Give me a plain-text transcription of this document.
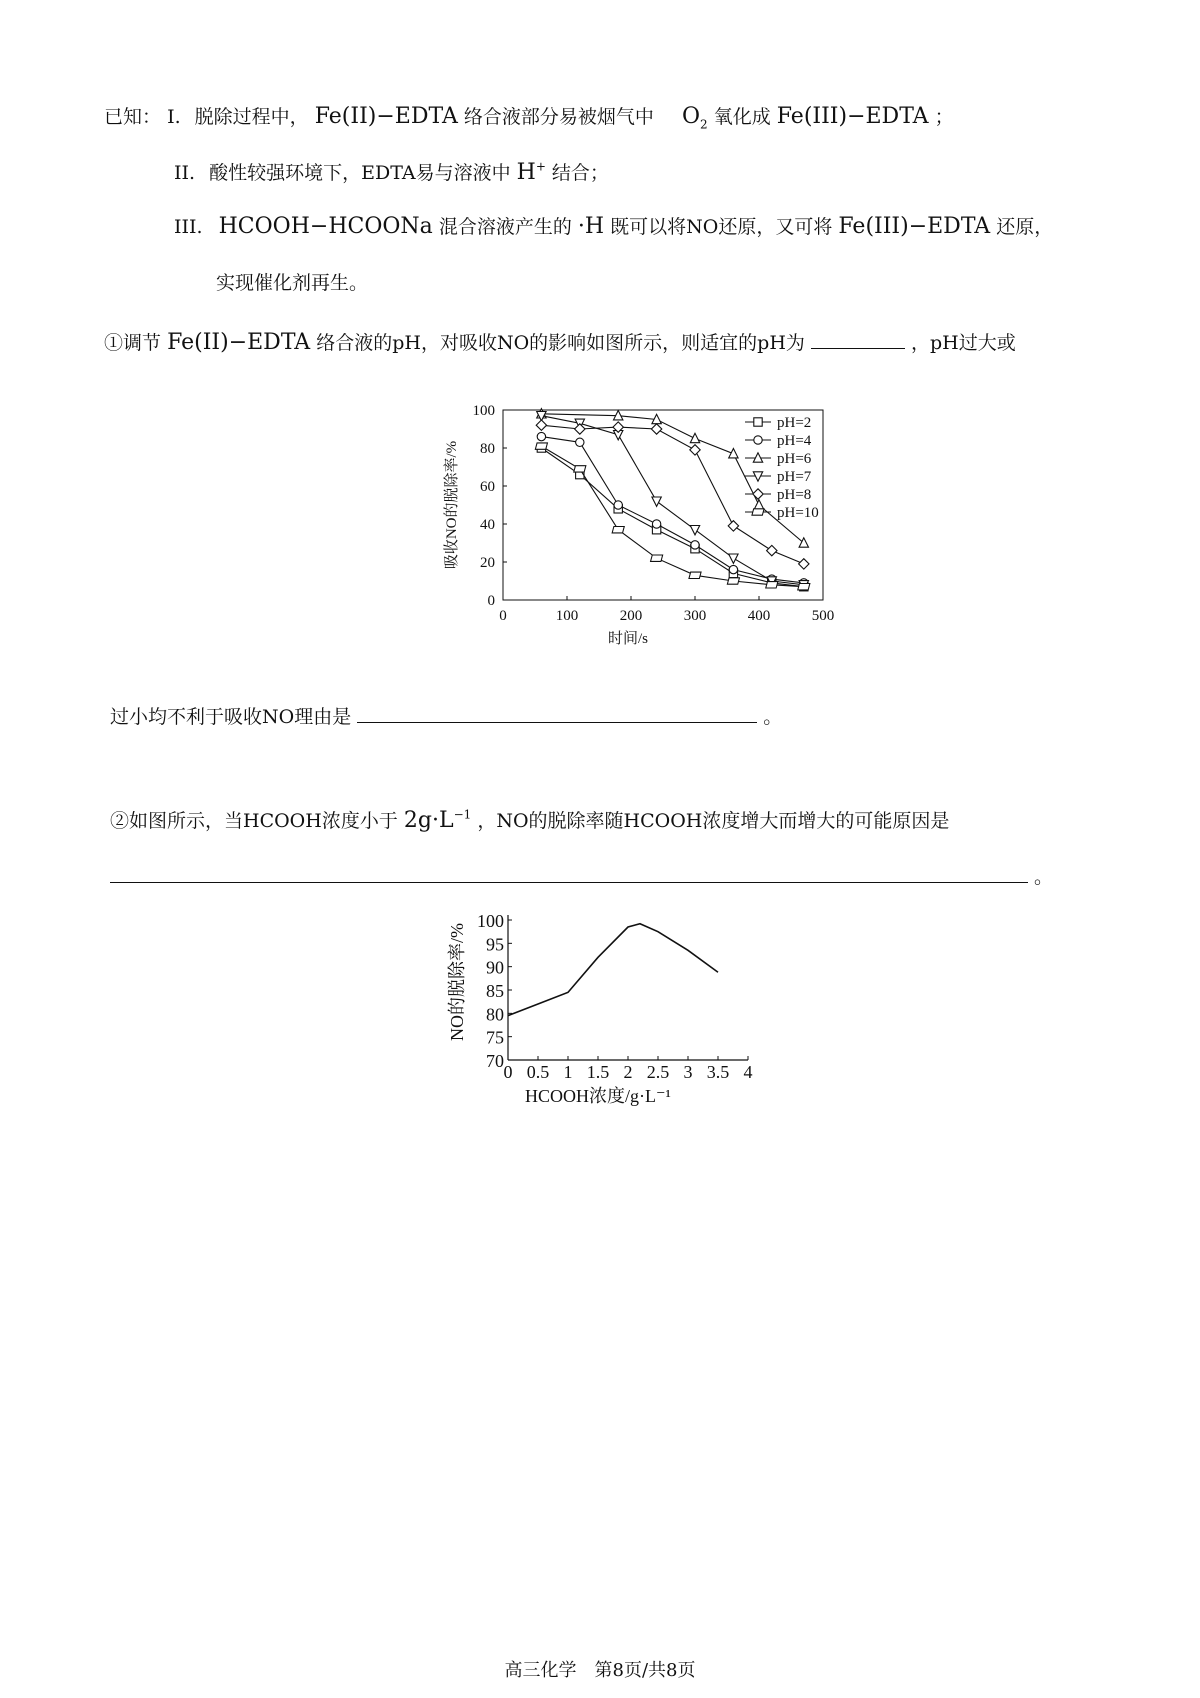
已知： I. 脱除过程中， Fe(II)−EDTA 络合液部分易被烟气中 $O_2$ 氧化成 Fe(III)−EDTA ；
II. 酸性较强环境下，EDTA易与溶液中 H+ 结合；
III. HCOOH−HCOONa 混合溶液产生的 ·H 既可以将NO还原，又可将 Fe(III)−EDTA 还原，
实现催化剂再生。
①调节 Fe(II)−EDTA 络合液的pH，对吸收NO的影响如图所示，则适宜的pH为	，pH过大或
0
20
40
60
80
100
0	100	200	300	400	500
时间/s
吸收NO的脱除率/%
pH=2
pH=4
pH=6
pH=7
pH=8
pH=10
过小均不利于吸收NO理由是	。
②如图所示，当HCOOH浓度小于 $2g\cdot L^{-1}$ ，NO的脱除率随HCOOH浓度增大而增大的可能原因是
。
70
75
80
85
90
95
100
0 0.5 1 1.5 2 2.5 3 3.5 4
HCOOH浓度/g·L⁻¹
NO的脱除率/%
高三化学　第8页/共8页
